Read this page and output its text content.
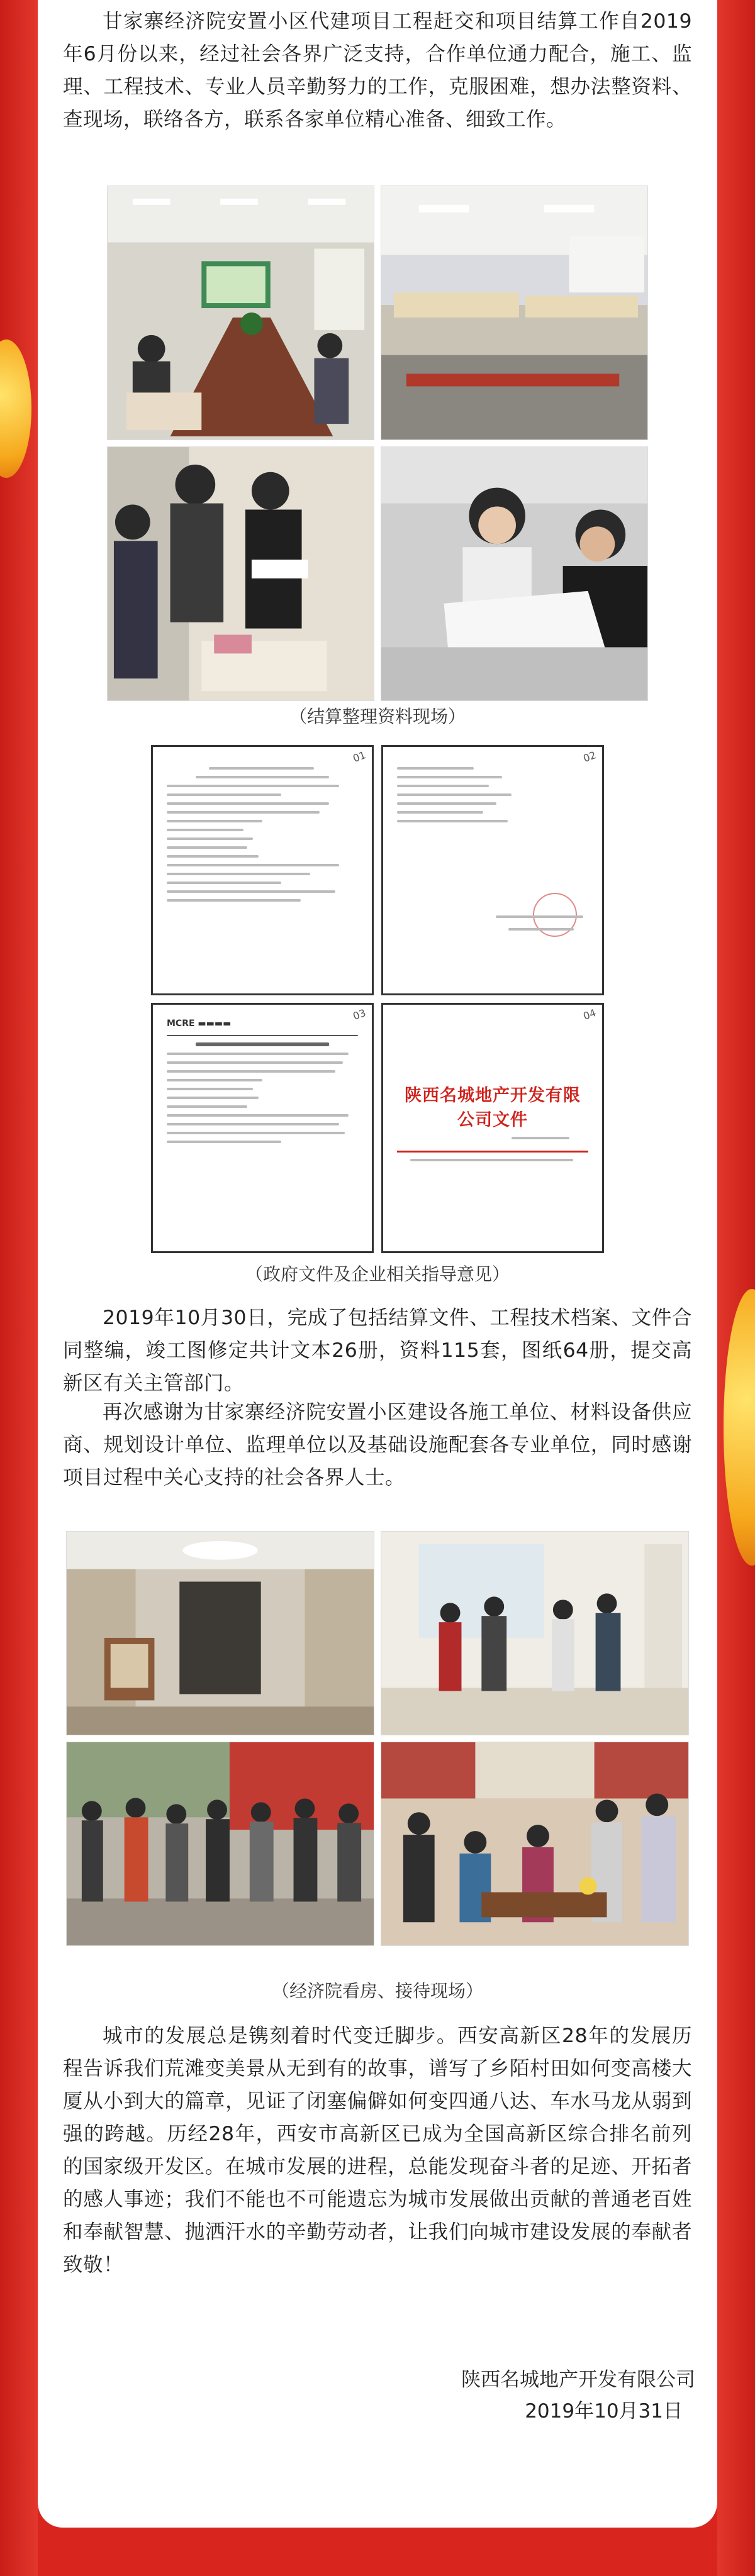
甘家寨经济院安置小区代建项目工程赶交和项目结算工作自2019年6月份以来，经过社会各界广泛支持，合作单位通力配合，施工、监理、工程技术、专业人员辛勤努力的工作，克服困难，想办法整资料、查现场，联络各方，联系各家单位精心准备、细致工作。

（结算整理资料现场）
01	02
03
MCRE ▬▬▬▬
04
陕西名城地产开发有限公司文件
（政府文件及企业相关指导意见）

2019年10月30日，完成了包括结算文件、工程技术档案、文件合同整编，竣工图修定共计文本26册，资料115套，图纸64册，提交高新区有关主管部门。

再次感谢为甘家寨经济院安置小区建设各施工单位、材料设备供应商、规划设计单位、监理单位以及基础设施配套各专业单位，同时感谢项目过程中关心支持的社会各界人士。

（经济院看房、接待现场）

城市的发展总是镌刻着时代变迁脚步。西安高新区28年的发展历程告诉我们荒滩变美景从无到有的故事，谱写了乡陌村田如何变高楼大厦从小到大的篇章，见证了闭塞偏僻如何变四通八达、车水马龙从弱到强的跨越。历经28年，西安市高新区已成为全国高新区综合排名前列的国家级开发区。在城市发展的进程，总能发现奋斗者的足迹、开拓者的感人事迹；我们不能也不可能遗忘为城市发展做出贡献的普通老百姓和奉献智慧、抛洒汗水的辛勤劳动者，让我们向城市建设发展的奉献者致敬！

陕西名城地产开发有限公司
2019年10月31日
